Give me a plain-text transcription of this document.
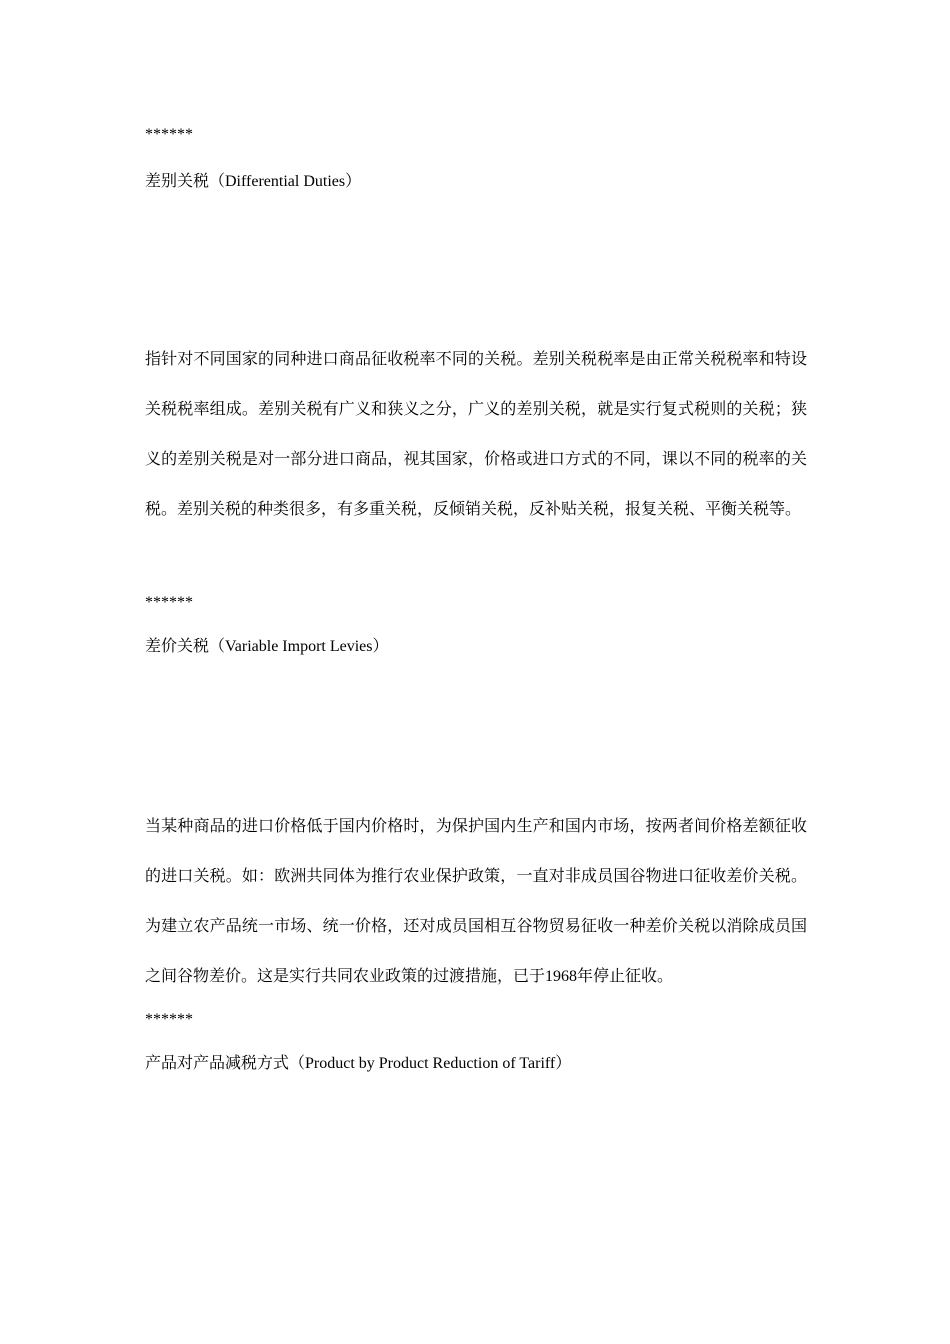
******
差别关税（Differential Duties）
指针对不同国家的同种进口商品征收税率不同的关税。差别关税税率是由正常关税税率和特设关税税率组成。差别关税有广义和狭义之分，广义的差别关税，就是实行复式税则的关税；狭义的差别关税是对一部分进口商品，视其国家，价格或进口方式的不同，课以不同的税率的关税。差别关税的种类很多，有多重关税，反倾销关税，反补贴关税，报复关税、平衡关税等。
******
差价关税（Variable Import Levies）
当某种商品的进口价格低于国内价格时，为保护国内生产和国内市场，按两者间价格差额征收的进口关税。如：欧洲共同体为推行农业保护政策，一直对非成员国谷物进口征收差价关税。为建立农产品统一市场、统一价格，还对成员国相互谷物贸易征收一种差价关税以消除成员国之间谷物差价。这是实行共同农业政策的过渡措施，已于1968年停止征收。
******
产品对产品减税方式（Product by Product Reduction of Tariff）
